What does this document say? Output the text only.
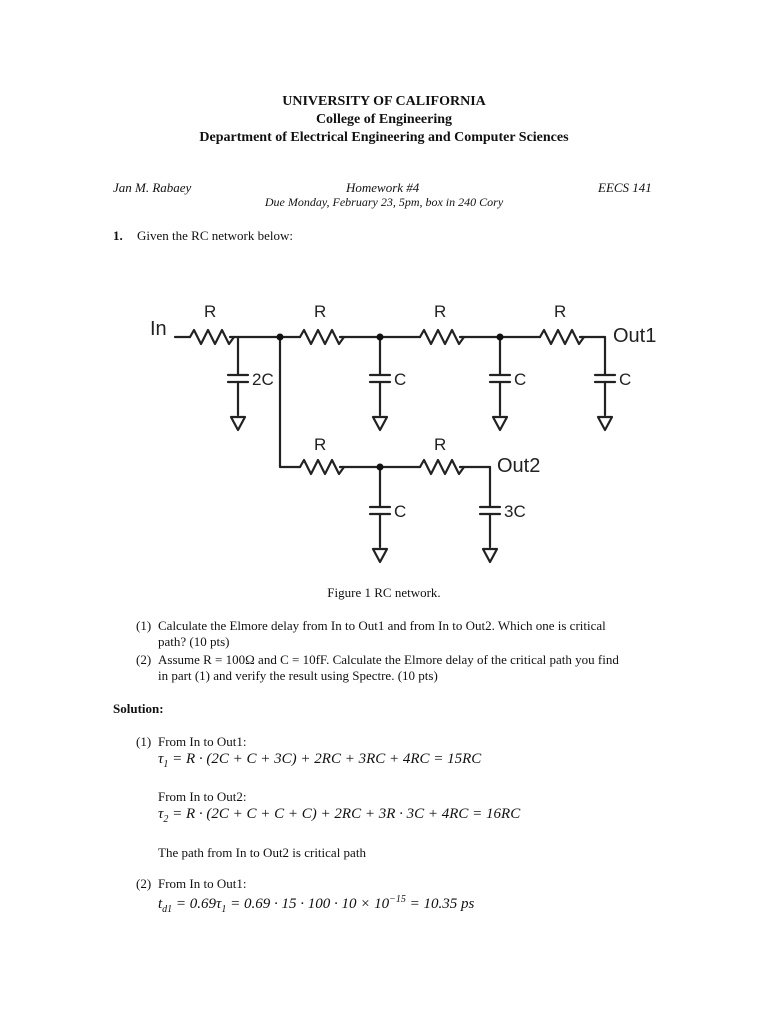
UNIVERSITY OF CALIFORNIA
College of Engineering
Department of Electrical Engineering and Computer Sciences
Jan M. Rabaey	Homework #4	EECS 141
Due Monday, February 23, 5pm, box in 240 Cory
1. Given the RC network below:
In	Out1
Out2
R	R	R	R
R	R
2C	C	C	C
C	3C
Figure 1 RC network.
(1) Calculate the Elmore delay from In to Out1 and from In to Out2. Which one is critical
path? (10 pts)
(2) Assume R = 100Ω and C = 10fF. Calculate the Elmore delay of the critical path you find
in part (1) and verify the result using Spectre. (10 pts)
Solution:
(1) From In to Out1:
$\tau_1 = R \cdot (2C + C + 3C) + 2RC + 3RC + 4RC = 15RC$
From In to Out2:
$\tau_2 = R \cdot (2C + C + C + C) + 2RC + 3R \cdot 3C + 4RC = 16RC$
The path from In to Out2 is critical path
(2) From In to Out1:
$t_{d1} = 0.69\tau_1 = 0.69 \cdot 15 \cdot 100 \cdot 10 \times 10^{-15} = 10.35$ ps
